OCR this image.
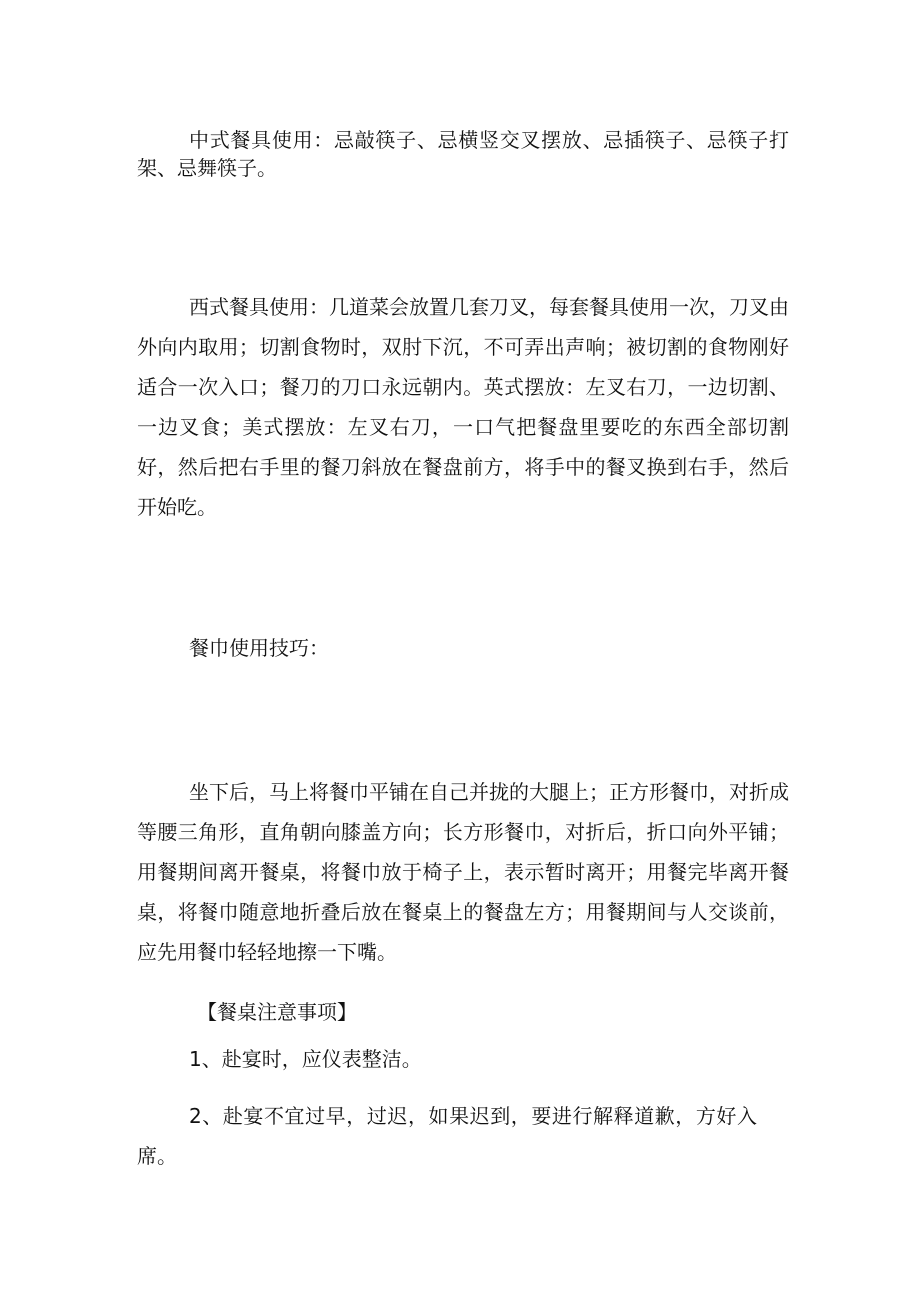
中式餐具使用：忌敲筷子、忌横竖交叉摆放、忌插筷子、忌筷子打架、忌舞筷子。

西式餐具使用：几道菜会放置几套刀叉，每套餐具使用一次，刀叉由外向内取用；切割食物时，双肘下沉，不可弄出声响；被切割的食物刚好适合一次入口；餐刀的刀口永远朝内。英式摆放：左叉右刀，一边切割、一边叉食；美式摆放：左叉右刀，一口气把餐盘里要吃的东西全部切割好，然后把右手里的餐刀斜放在餐盘前方，将手中的餐叉换到右手，然后开始吃。

餐巾使用技巧：

坐下后，马上将餐巾平铺在自己并拢的大腿上；正方形餐巾，对折成等腰三角形，直角朝向膝盖方向；长方形餐巾，对折后，折口向外平铺；用餐期间离开餐桌，将餐巾放于椅子上，表示暂时离开；用餐完毕离开餐桌，将餐巾随意地折叠后放在餐桌上的餐盘左方；用餐期间与人交谈前，应先用餐巾轻轻地擦一下嘴。

【餐桌注意事项】

1、赴宴时，应仪表整洁。

2、赴宴不宜过早，过迟，如果迟到，要进行解释道歉，方好入席。
